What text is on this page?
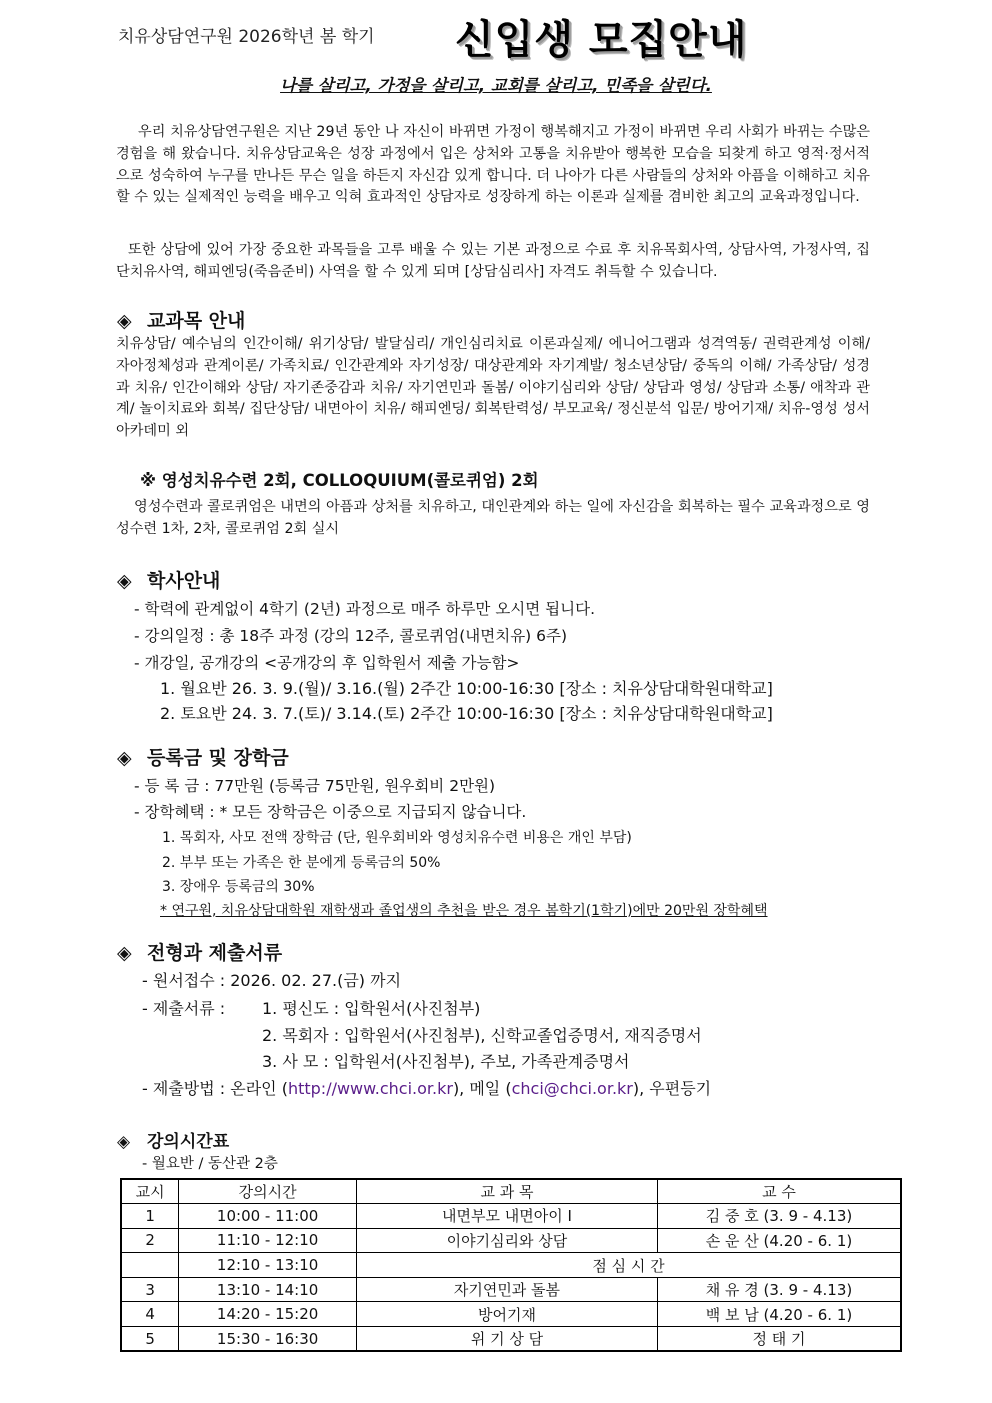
치유상담연구원 2026학년 봄 학기 신입생 모집안내
나를 살리고, 가정을 살리고, 교회를 살리고, 민족을 살린다.

우리 치유상담연구원은 지난 29년 동안 나 자신이 바뀌면 가정이 행복해지고 가정이 바뀌면 우리 사회가 바뀌는 수많은 경험을 해 왔습니다. 치유상담교육은 성장 과정에서 입은 상처와 고통을 치유받아 행복한 모습을 되찾게 하고 영적·정서적으로 성숙하여 누구를 만나든 무슨 일을 하든지 자신감 있게 합니다. 더 나아가 다른 사람들의 상처와 아픔을 이해하고 치유할 수 있는 실제적인 능력을 배우고 익혀 효과적인 상담자로 성장하게 하는 이론과 실제를 겸비한 최고의 교육과정입니다.

또한 상담에 있어 가장 중요한 과목들을 고루 배울 수 있는 기본 과정으로 수료 후 치유목회사역, 상담사역, 가정사역, 집단치유사역, 해피엔딩(죽음준비) 사역을 할 수 있게 되며 [상담심리사] 자격도 취득할 수 있습니다.

◈ 교과목 안내

치유상담/ 예수님의 인간이해/ 위기상담/ 발달심리/ 개인심리치료 이론과실제/ 에니어그램과 성격역동/ 권력관계성 이해/ 자아정체성과 관계이론/ 가족치료/ 인간관계와 자기성장/ 대상관계와 자기계발/ 청소년상담/ 중독의 이해/ 가족상담/ 성경과 치유/ 인간이해와 상담/ 자기존중감과 치유/ 자기연민과 돌봄/ 이야기심리와 상담/ 상담과 영성/ 상담과 소통/ 애착과 관계/ 놀이치료와 회복/ 집단상담/ 내면아이 치유/ 해피엔딩/ 회복탄력성/ 부모교육/ 정신분석 입문/ 방어기재/ 치유-영성 성서아카데미 외

※ 영성치유수련 2회, COLLOQUIUM(콜로퀴엄) 2회

영성수련과 콜로퀴엄은 내면의 아픔과 상처를 치유하고, 대인관계와 하는 일에 자신감을 회복하는 필수 교육과정으로 영성수련 1차, 2차, 콜로퀴엄 2회 실시

◈ 학사안내
- 학력에 관계없이 4학기 (2년) 과정으로 매주 하루만 오시면 됩니다.
- 강의일정 : 총 18주 과정 (강의 12주, 콜로퀴엄(내면치유) 6주)
- 개강일, 공개강의 <공개강의 후 입학원서 제출 가능함>
1. 월요반 26. 3. 9.(월)/ 3.16.(월) 2주간 10:00-16:30 [장소 : 치유상담대학원대학교]
2. 토요반 24. 3. 7.(토)/ 3.14.(토) 2주간 10:00-16:30 [장소 : 치유상담대학원대학교]
◈ 등록금 및 장학금
- 등 록 금 : 77만원 (등록금 75만원, 원우회비 2만원)
- 장학혜택 : * 모든 장학금은 이중으로 지급되지 않습니다.
1. 목회자, 사모 전액 장학금 (단, 원우회비와 영성치유수련 비용은 개인 부담)
2. 부부 또는 가족은 한 분에게 등록금의 50%
3. 장애우 등록금의 30%
* 연구원, 치유상담대학원 재학생과 졸업생의 추천을 받은 경우 봄학기(1학기)에만 20만원 장학혜택
◈ 전형과 제출서류
- 원서접수 : 2026. 02. 27.(금) 까지
- 제출서류 : 1. 평신도 : 입학원서(사진첨부)
2. 목회자 : 입학원서(사진첨부), 신학교졸업증명서, 재직증명서
3. 사 모 : 입학원서(사진첨부), 주보, 가족관계증명서
- 제출방법 : 온라인 (http://www.chci.or.kr), 메일 (chci@chci.or.kr), 우편등기
◈ 강의시간표
- 월요반 / 동산관 2층
교시	강의시간	교 과 목	교 수
1	10:00 - 11:00	내면부모 내면아이 Ⅰ	김 중 호 (3. 9 - 4.13)
2	11:10 - 12:10	이야기심리와 상담	손 운 산 (4.20 - 6. 1)
	12:10 - 13:10	점 심 시 간	
3	13:10 - 14:10	자기연민과 돌봄	채 유 경 (3. 9 - 4.13)
4	14:20 - 15:20	방어기재	백 보 남 (4.20 - 6. 1)
5	15:30 - 16:30	위 기 상 담	정 태 기
